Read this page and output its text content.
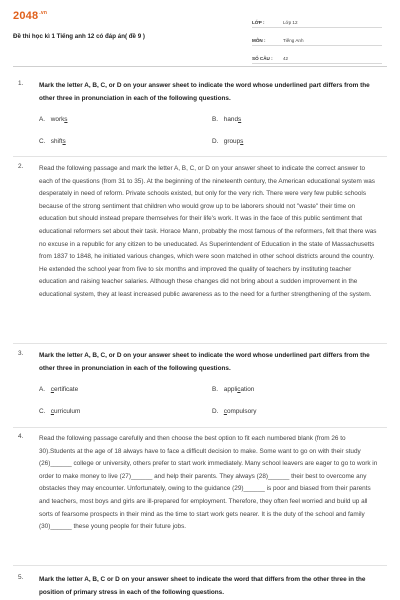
$2048^{.vn}$
Đề thi học kì 1 Tiếng anh 12 có đáp án( đề 9 )
LỚP :	Lớp 12
MÔN :	Tiếng Anh
SỐ CÂU :	42
1. Mark the letter A, B, C, or D on your answer sheet to indicate the word whose underlined part differs from the other three in pronunciation in each of the following questions.
A. works	B. hands
C. shifts	D. groups
2. Read the following passage and mark the letter A, B, C, or D on your answer sheet to indicate the correct answer to each of the questions (from 31 to 35). At the beginning of the nineteenth century, the American educational system was desperately in need of reform. Private schools existed, but only for the very rich. There were very few public schools because of the strong sentiment that children who would grow up to be laborers should not "waste" their time on education but should instead prepare themselves for their life's work. It was in the face of this public sentiment that educational reformers set about their task. Horace Mann, probably the most famous of the reformers, felt that there was no excuse in a republic for any citizen to be uneducated. As Superintendent of Education in the state of Massachusetts from 1837 to 1848, he initiated various changes, which were soon matched in other school districts around the country. He extended the school year from five to six months and improved the quality of teachers by instituting teacher education and raising teacher salaries. Although these changes did not bring about a sudden improvement in the educational system, they at least increased public awareness as to the need for a further strengthening of the system.
3. Mark the letter A, B, C, or D on your answer sheet to indicate the word whose underlined part differs from the other three in pronunciation in each of the following questions.
A. certificate	B. application
C. curriculum	D. compulsory
4. Read the following passage carefully and then choose the best option to fit each numbered blank (from 26 to 30).Students at the age of 18 always have to face a difficult decision to make. Some want to go on with their study (26)______ college or university, others prefer to start work immediately. Many school leavers are eager to go to work in order to make money to live (27)______ and help their parents. They always (28)______ their best to overcome any obstacles they may encounter. Unfortunately, owing to the guidance (29)______ is poor and biased from their parents and teachers, most boys and girls are ill-prepared for employment. Therefore, they often feel worried and build up all sorts of fearsome prospects in their mind as the time to start work gets nearer. It is the duty of the school and family (30)______ these young people for their future jobs.
5. Mark the letter A, B, C or D on your answer sheet to indicate the word that differs from the other three in the position of primary stress in each of the following questions.
